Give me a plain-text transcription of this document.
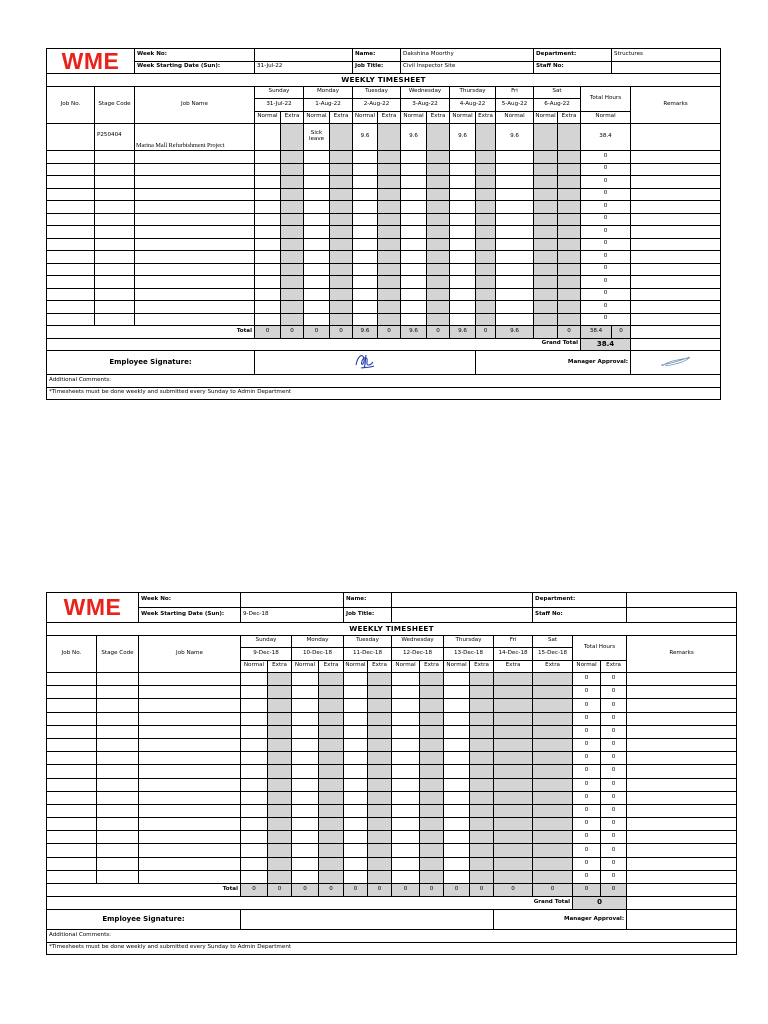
WME		Week No:					Name:		Dakshina Moorthy					Department:			Structures	
		Week Starting Date (Sun):	31-Jul-22				Job Title:		Civil Inspector Site					Staff No:				
WEEKLY TIMESHEET																		
Job No.	Stage Code	Job Name	Sunday		Monday		Tuesday		Wednesday		Thursday		Fri	Sat		Total Hours		Remarks
			31-Jul-22		1-Aug-22		2-Aug-22		3-Aug-22		4-Aug-22		5-Aug-22	6-Aug-22				
			Normal	Extra	Normal	Extra	Normal	Extra	Normal	Extra	Normal	Extra	Normal	Normal	Extra	Normal		
	P250404	Marina Mall Refurbishment Project			Sick leave		9.6		9.6		9.6		9.6			38.4		
																0		
																0		
																0		
																0		
																0		
																0		
																0		
																0		
																0		
																0		
																0		
																0		
																0		
																0		
Total			0	0	0	0	9.6	0	9.6	0	9.6	0	9.6		0	38.4	0	
Grand Total																38.4		
Employee Signature:												Manager Approval:	
Additional Comments:																		
*Timesheets must be done weekly and submitted every Sunday to Admin Department																		
WME		Week No:					Name:							Department:			
		Week Starting Date (Sun):	9-Dec-18				Job Title:							Staff No:			
WEEKLY TIMESHEET																	
Job No.	Stage Code	Job Name	Sunday		Monday		Tuesday		Wednesday		Thursday		Fri	Sat	Total Hours		Remarks
			9-Dec-18		10-Dec-18		11-Dec-18		12-Dec-18		13-Dec-18		14-Dec-18	15-Dec-18			
			Normal	Extra	Normal	Extra	Normal	Extra	Normal	Extra	Normal	Extra	Extra	Extra	Normal	Extra	
															0	0	
															0	0	
															0	0	
															0	0	
															0	0	
															0	0	
															0	0	
															0	0	
															0	0	
															0	0	
															0	0	
															0	0	
															0	0	
															0	0	
															0	0	
															0	0	
Total			0	0	0	0	0	0	0	0	0	0	0	0	0	0	
Grand Total															0		
Employee Signature:													Manager Approval:				
Additional Comments:																	
*Timesheets must be done weekly and submitted every Sunday to Admin Department																	
